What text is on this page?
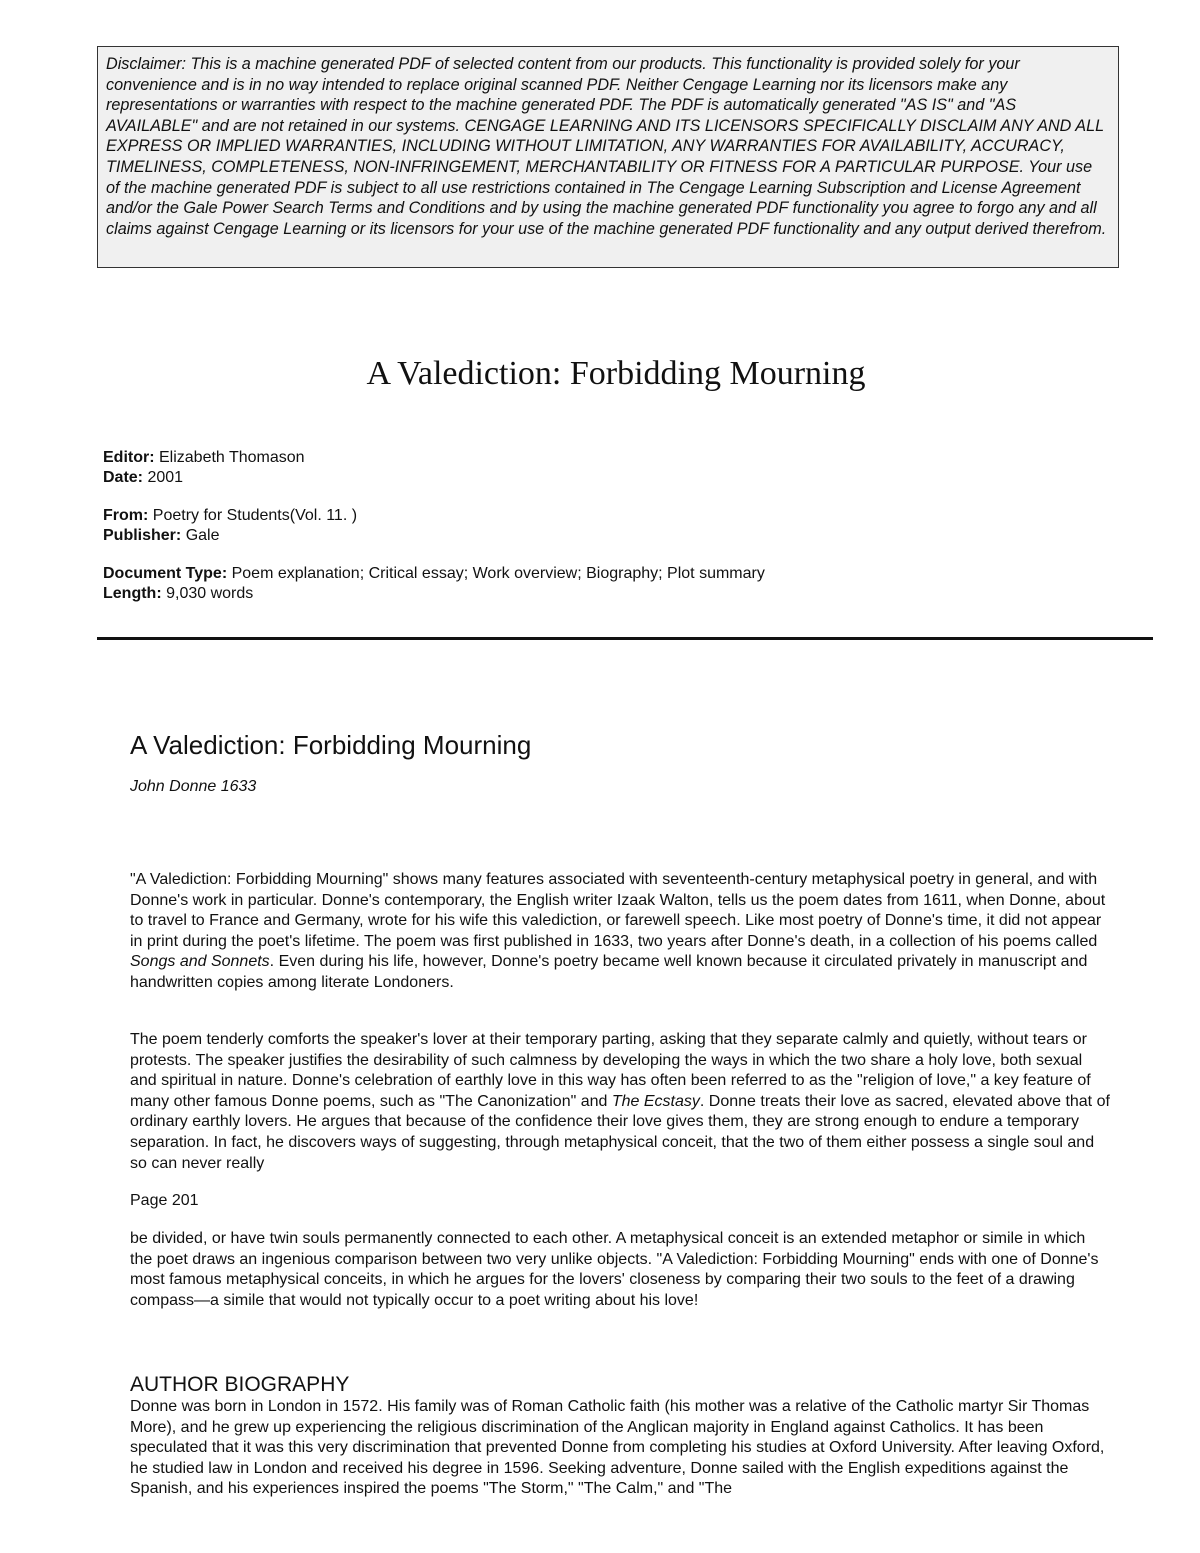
Disclaimer: This is a machine generated PDF of selected content from our products. This functionality is provided solely for your convenience and is in no way intended to replace original scanned PDF. Neither Cengage Learning nor its licensors make any representations or warranties with respect to the machine generated PDF. The PDF is automatically generated "AS IS" and "AS AVAILABLE" and are not retained in our systems. CENGAGE LEARNING AND ITS LICENSORS SPECIFICALLY DISCLAIM ANY AND ALL EXPRESS OR IMPLIED WARRANTIES, INCLUDING WITHOUT LIMITATION, ANY WARRANTIES FOR AVAILABILITY, ACCURACY, TIMELINESS, COMPLETENESS, NON-INFRINGEMENT, MERCHANTABILITY OR FITNESS FOR A PARTICULAR PURPOSE. Your use of the machine generated PDF is subject to all use restrictions contained in The Cengage Learning Subscription and License Agreement and/or the Gale Power Search Terms and Conditions and by using the machine generated PDF functionality you agree to forgo any and all claims against Cengage Learning or its licensors for your use of the machine generated PDF functionality and any output derived therefrom.
A Valediction: Forbidding Mourning
Editor: Elizabeth Thomason
Date: 2001
From: Poetry for Students(Vol. 11. )
Publisher: Gale
Document Type: Poem explanation; Critical essay; Work overview; Biography; Plot summary
Length: 9,030 words
A Valediction: Forbidding Mourning
John Donne 1633

"A Valediction: Forbidding Mourning" shows many features associated with seventeenth-century metaphysical poetry in general, and with Donne's work in particular. Donne's contemporary, the English writer Izaak Walton, tells us the poem dates from 1611, when Donne, about to travel to France and Germany, wrote for his wife this valediction, or farewell speech. Like most poetry of Donne's time, it did not appear in print during the poet's lifetime. The poem was first published in 1633, two years after Donne's death, in a collection of his poems called Songs and Sonnets. Even during his life, however, Donne's poetry became well known because it circulated privately in manuscript and handwritten copies among literate Londoners.

The poem tenderly comforts the speaker's lover at their temporary parting, asking that they separate calmly and quietly, without tears or protests. The speaker justifies the desirability of such calmness by developing the ways in which the two share a holy love, both sexual and spiritual in nature. Donne's celebration of earthly love in this way has often been referred to as the "religion of love," a key feature of many other famous Donne poems, such as "The Canonization" and The Ecstasy. Donne treats their love as sacred, elevated above that of ordinary earthly lovers. He argues that because of the confidence their love gives them, they are strong enough to endure a temporary separation. In fact, he discovers ways of suggesting, through metaphysical conceit, that the two of them either possess a single soul and so can never really

Page 201

be divided, or have twin souls permanently connected to each other. A metaphysical conceit is an extended metaphor or simile in which the poet draws an ingenious comparison between two very unlike objects. "A Valediction: Forbidding Mourning" ends with one of Donne's most famous metaphysical conceits, in which he argues for the lovers' closeness by comparing their two souls to the feet of a drawing compass—a simile that would not typically occur to a poet writing about his love!

AUTHOR BIOGRAPHY

Donne was born in London in 1572. His family was of Roman Catholic faith (his mother was a relative of the Catholic martyr Sir Thomas More), and he grew up experiencing the religious discrimination of the Anglican majority in England against Catholics. It has been speculated that it was this very discrimination that prevented Donne from completing his studies at Oxford University. After leaving Oxford, he studied law in London and received his degree in 1596. Seeking adventure, Donne sailed with the English expeditions against the Spanish, and his experiences inspired the poems "The Storm," "The Calm," and "The
